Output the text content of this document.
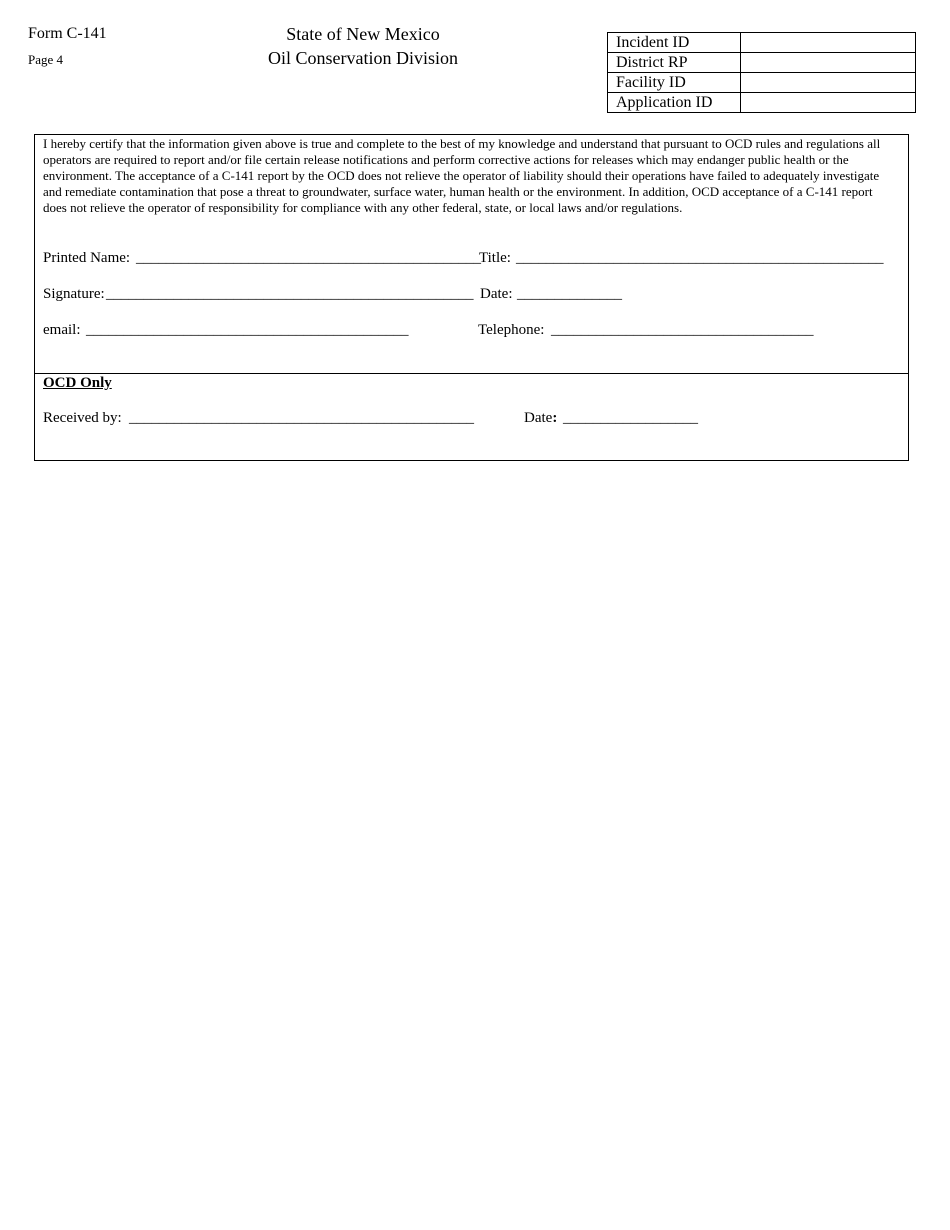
Form C-141
Page 4
State of New Mexico
Oil Conservation Division
Incident ID	
District RP	
Facility ID	
Application ID	
I hereby certify that the information given above is true and complete to the best of my knowledge and understand that pursuant to OCD rules and regulations all operators are required to report and/or file certain release notifications and perform corrective actions for releases which may endanger public health or the environment. The acceptance of a C-141 report by the OCD does not relieve the operator of liability should their operations have failed to adequately investigate and remediate contamination that pose a threat to groundwater, surface water, human health or the environment. In addition, OCD acceptance of a C-141 report does not relieve the operator of responsibility for compliance with any other federal, state, or local laws and/or regulations.
Printed Name: ______________________________________________
Title: _________________________________________________
Signature: _________________________________________________ Date: ______________
email: ___________________________________________	Telephone: ___________________________________
OCD Only
Received by: ______________________________________________	Date: __________________
